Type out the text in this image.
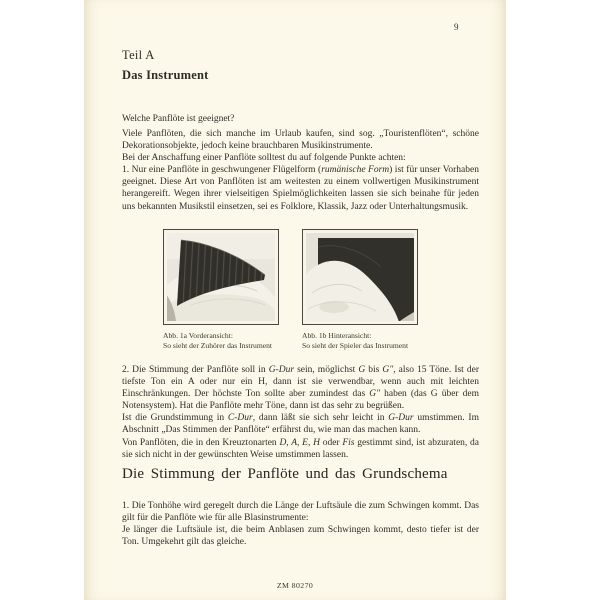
9
Teil A
Das Instrument
Welche Panflöte ist geeignet?

Viele Panflöten, die sich manche im Urlaub kaufen, sind sog. „Touristenflöten“, schöne Dekorationsobjekte, jedoch keine brauchbaren Musikinstrumente.

Bei der Anschaffung einer Panflöte solltest du auf folgende Punkte achten:

1. Nur eine Panflöte in geschwungener Flügelform (rumänische Form) ist für unser Vorhaben geeignet. Diese Art von Panflöten ist am weitesten zu einem vollwertigen Musikinstrument herangereift. Wegen ihrer vielseitigen Spielmöglichkeiten lassen sie sich beinahe für jeden uns bekannten Musikstil einsetzen, sei es Folklore, Klassik, Jazz oder Unterhaltungsmusik.

Abb. 1a Vorderansicht:
So sieht der Zuhörer das Instrument
Abb. 1b Hinteransicht:
So sieht der Spieler das Instrument

2. Die Stimmung der Panflöte soll in G-Dur sein, möglichst G bis G″, also 15 Töne. Ist der tiefste Ton ein A oder nur ein H, dann ist sie verwendbar, wenn auch mit leichten Einschränkungen. Der höchste Ton sollte aber zumindest das G″ haben (das G über dem Notensystem). Hat die Panflöte mehr Töne, dann ist das sehr zu begrüßen.

Ist die Grundstimmung in C-Dur, dann läßt sie sich sehr leicht in G-Dur umstimmen. Im Abschnitt „Das Stimmen der Panflöte“ erfährst du, wie man das machen kann.

Von Panflöten, die in den Kreuztonarten D, A, E, H oder Fis gestimmt sind, ist abzuraten, da sie sich nicht in der gewünschten Weise umstimmen lassen.

Die Stimmung der Panflöte und das Grundschema

1. Die Tonhöhe wird geregelt durch die Länge der Luftsäule die zum Schwingen kommt. Das gilt für die Panflöte wie für alle Blasinstrumente:

Je länger die Luftsäule ist, die beim Anblasen zum Schwingen kommt, desto tiefer ist der Ton. Umgekehrt gilt das gleiche.

ZM 80270
